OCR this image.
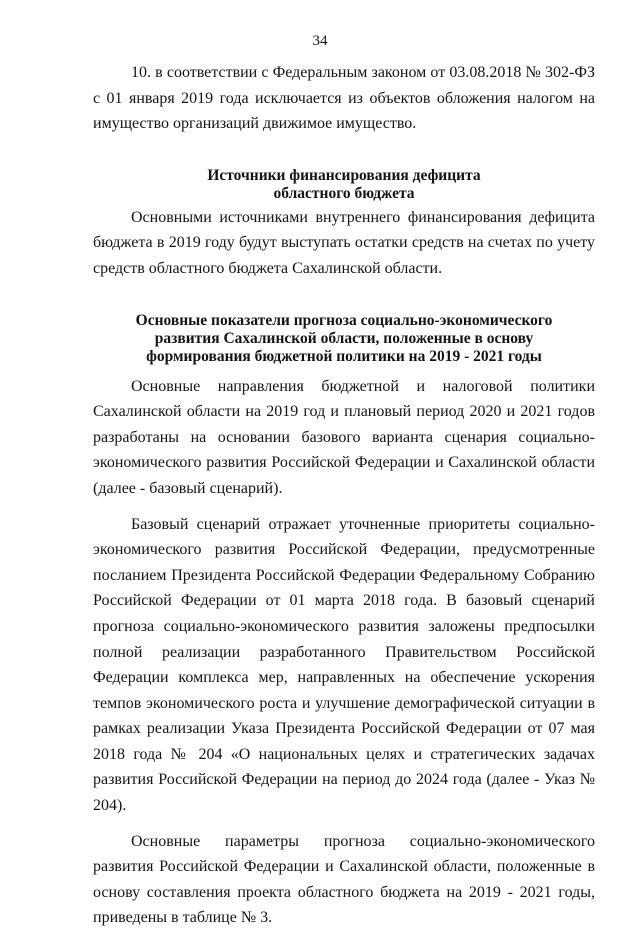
34

10. в соответствии с Федеральным законом от 03.08.2018 № 302-ФЗ с 01 января 2019 года исключается из объектов обложения налогом на имущество организаций движимое имущество.

Источники финансирования дефицита
областного бюджета

Основными источниками внутреннего финансирования дефицита бюджета в 2019 году будут выступать остатки средств на счетах по учету средств областного бюджета Сахалинской области.

Основные показатели прогноза социально-экономического
развития Сахалинской области, положенные в основу
формирования бюджетной политики на 2019 - 2021 годы

Основные направления бюджетной и налоговой политики Сахалинской области на 2019 год и плановый период 2020 и 2021 годов разработаны на основании базового варианта сценария социально-экономического развития Российской Федерации и Сахалинской области (далее - базовый сценарий).

Базовый сценарий отражает уточненные приоритеты социально-экономического развития Российской Федерации, предусмотренные посланием Президента Российской Федерации Федеральному Собранию Российской Федерации от 01 марта 2018 года. В базовый сценарий прогноза социально-экономического развития заложены предпосылки полной реализации разработанного Правительством Российской Федерации комплекса мер, направленных на обеспечение ускорения темпов экономического роста и улучшение демографической ситуации в рамках реализации Указа Президента Российской Федерации от 07 мая 2018 года № 204 «О национальных целях и стратегических задачах развития Российской Федерации на период до 2024 года (далее - Указ № 204).

Основные параметры прогноза социально-экономического развития Российской Федерации и Сахалинской области, положенные в основу составления проекта областного бюджета на 2019 - 2021 годы, приведены в таблице № 3.
